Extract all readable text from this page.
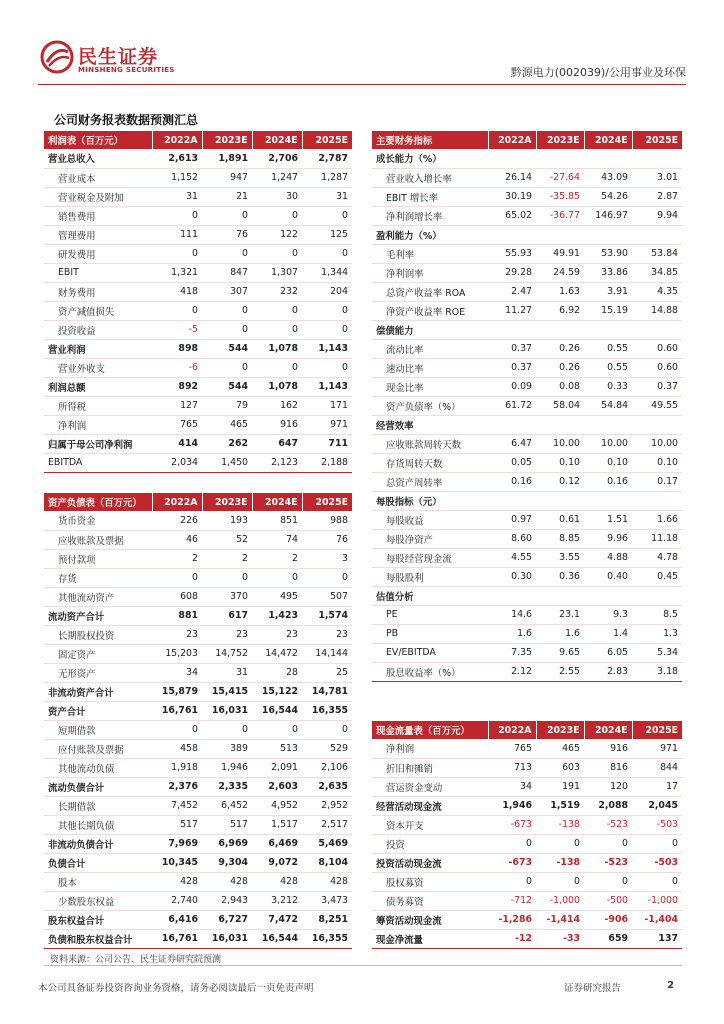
民生证券
MINSHENG SECURITIES	黔源电力(002039)/公用事业及环保
公司财务报表数据预测汇总
利润表（百万元）	2022A	2023E	2024E	2025E
营业总收入	2,613	1,891	2,706	2,787
营业成本	1,152	947	1,247	1,287
营业税金及附加	31	21	30	31
销售费用	0	0	0	0
管理费用	111	76	122	125
研发费用	0	0	0	0
EBIT	1,321	847	1,307	1,344
财务费用	418	307	232	204
资产减值损失	0	0	0	0
投资收益	-5	0	0	0
营业利润	898	544	1,078	1,143
营业外收支	-6	0	0	0
利润总额	892	544	1,078	1,143
所得税	127	79	162	171
净利润	765	465	916	971
归属于母公司净利润	414	262	647	711
EBITDA	2,034	1,450	2,123	2,188
主要财务指标	2022A	2023E	2024E	2025E
成长能力（%）				
营业收入增长率	26.14	-27.64	43.09	3.01
EBIT 增长率	30.19	-35.85	54.26	2.87
净利润增长率	65.02	-36.77	146.97	9.94
盈利能力（%）				
毛利率	55.93	49.91	53.90	53.84
净利润率	29.28	24.59	33.86	34.85
总资产收益率 ROA	2.47	1.63	3.91	4.35
净资产收益率 ROE	11.27	6.92	15.19	14.88
偿债能力				
流动比率	0.37	0.26	0.55	0.60
速动比率	0.37	0.26	0.55	0.60
现金比率	0.09	0.08	0.33	0.37
资产负债率（%）	61.72	58.04	54.84	49.55
经营效率				
应收账款周转天数	6.47	10.00	10.00	10.00
存货周转天数	0.05	0.10	0.10	0.10
总资产周转率	0.16	0.12	0.16	0.17
每股指标（元）				
每股收益	0.97	0.61	1.51	1.66
每股净资产	8.60	8.85	9.96	11.18
每股经营现金流	4.55	3.55	4.88	4.78
每股股利	0.30	0.36	0.40	0.45
估值分析				
PE	14.6	23.1	9.3	8.5
PB	1.6	1.6	1.4	1.3
EV/EBITDA	7.35	9.65	6.05	5.34
股息收益率（%）	2.12	2.55	2.83	3.18
资产负债表（百万元）	2022A	2023E	2024E	2025E
货币资金	226	193	851	988
应收账款及票据	46	52	74	76
预付款项	2	2	2	3
存货	0	0	0	0
其他流动资产	608	370	495	507
流动资产合计	881	617	1,423	1,574
长期股权投资	23	23	23	23
固定资产	15,203	14,752	14,472	14,144
无形资产	34	31	28	25
非流动资产合计	15,879	15,415	15,122	14,781
资产合计	16,761	16,031	16,544	16,355
短期借款	0	0	0	0
应付账款及票据	458	389	513	529
其他流动负债	1,918	1,946	2,091	2,106
流动负债合计	2,376	2,335	2,603	2,635
长期借款	7,452	6,452	4,952	2,952
其他长期负债	517	517	1,517	2,517
非流动负债合计	7,969	6,969	6,469	5,469
负债合计	10,345	9,304	9,072	8,104
股本	428	428	428	428
少数股东权益	2,740	2,943	3,212	3,473
股东权益合计	6,416	6,727	7,472	8,251
负债和股东权益合计	16,761	16,031	16,544	16,355
现金流量表（百万元）	2022A	2023E	2024E	2025E
净利润	765	465	916	971
折旧和摊销	713	603	816	844
营运资金变动	34	191	120	17
经营活动现金流	1,946	1,519	2,088	2,045
资本开支	-673	-138	-523	-503
投资	0	0	0	0
投资活动现金流	-673	-138	-523	-503
股权募资	0	0	0	0
债务募资	-712	-1,000	-500	-1,000
筹资活动现金流	-1,286	-1,414	-906	-1,404
现金净流量	-12	-33	659	137
资料来源：公司公告、民生证券研究院预测
本公司具备证券投资咨询业务资格，请务必阅读最后一页免责声明	证券研究报告	2
